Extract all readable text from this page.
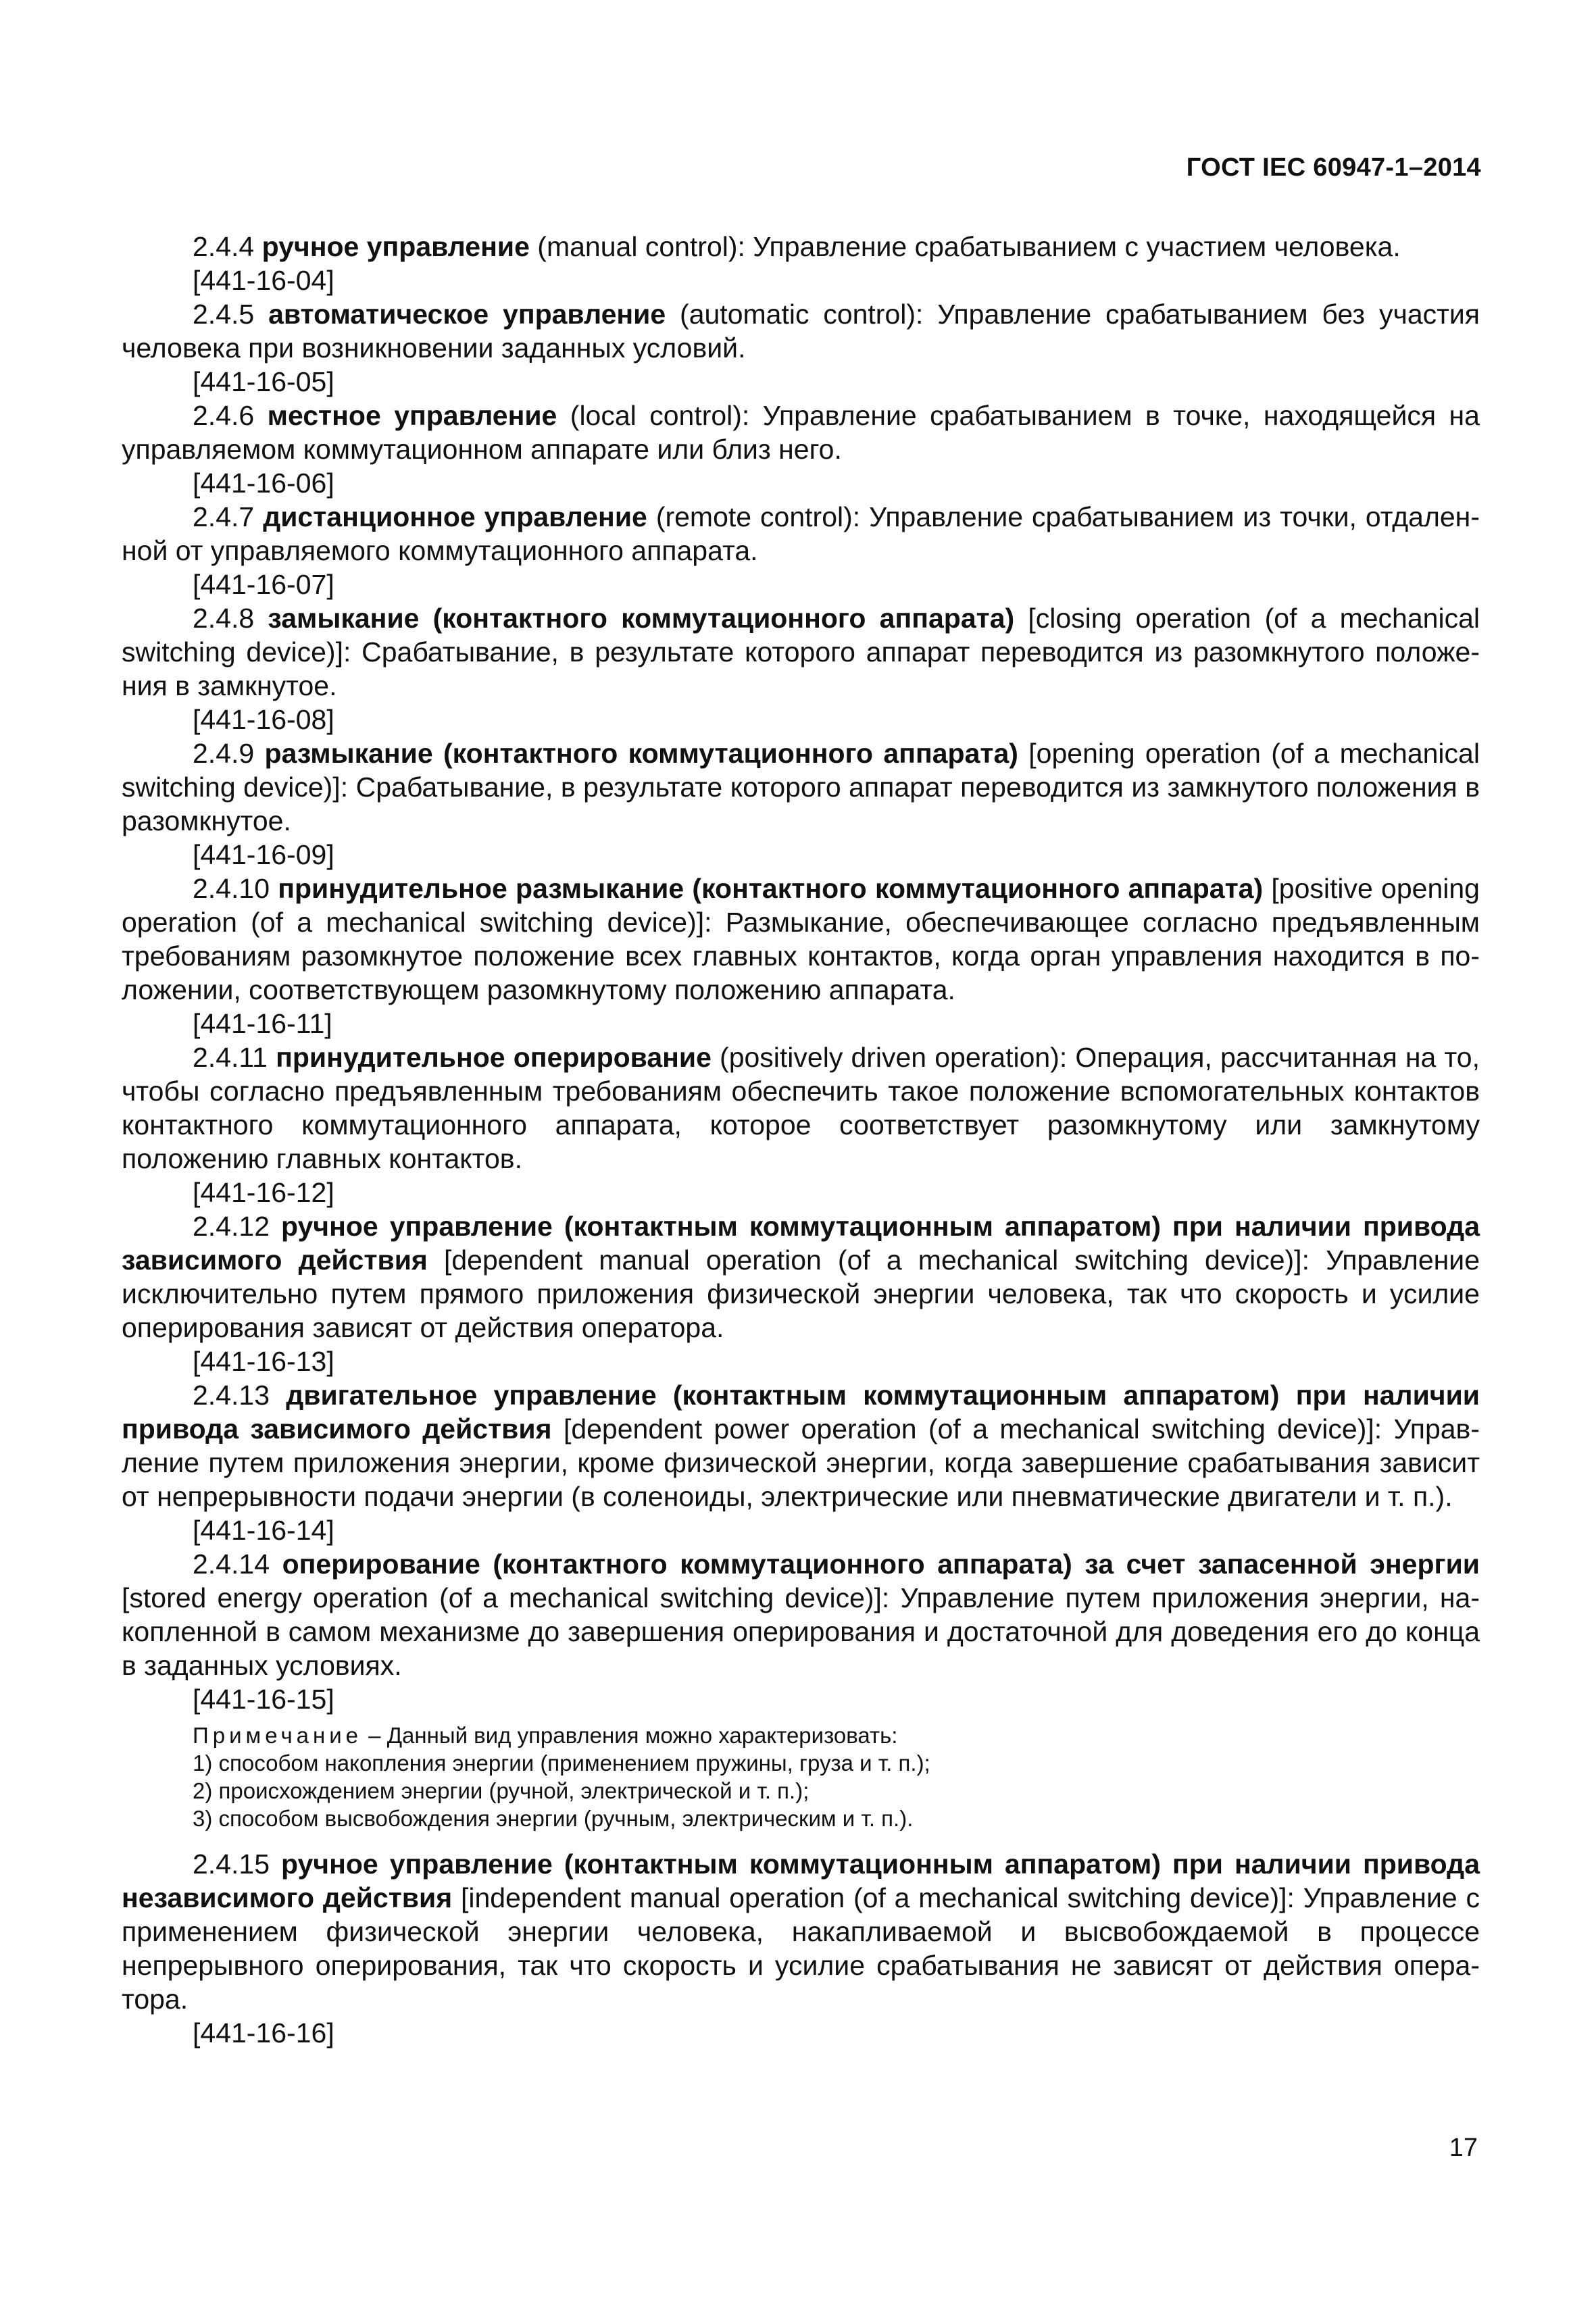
ГОСТ IEC 60947-1–2014

2.4.4 ручное управление (manual control): Управление срабатыванием с участием человека.

[441-16-04]

2.4.5 автоматическое управление (automatic control): Управление срабатыванием без участия человека при возникновении заданных условий.

[441-16-05]

2.4.6 местное управление (local control): Управление срабатыванием в точке, находящейся на управляемом коммутационном аппарате или близ него.

[441-16-06]

2.4.7 дистанционное управление (remote control): Управление срабатыванием из точки, отдаленной от управляемого коммутационного аппарата.

[441-16-07]

2.4.8 замыкание (контактного коммутационного аппарата) [closing operation (of a mechanical switching device)]: Срабатывание, в результате которого аппарат переводится из разомкнутого положения в замкнутое.

[441-16-08]

2.4.9 размыкание (контактного коммутационного аппарата) [opening operation (of a mechanical switching device)]: Срабатывание, в результате которого аппарат переводится из замкнутого положения в разомкнутое.

[441-16-09]

2.4.10 принудительное размыкание (контактного коммутационного аппарата) [positive opening operation (of a mechanical switching device)]: Размыкание, обеспечивающее согласно предъявленным требованиям разомкнутое положение всех главных контактов, когда орган управления находится в положении, соответствующем разомкнутому положению аппарата.

[441-16-11]

2.4.11 принудительное оперирование (positively driven operation): Операция, рассчитанная на то, чтобы согласно предъявленным требованиям обеспечить такое положение вспомогательных контактов контактного коммутационного аппарата, которое соответствует разомкнутому или замкнутому положению главных контактов.

[441-16-12]

2.4.12 ручное управление (контактным коммутационным аппаратом) при наличии привода зависимого действия [dependent manual operation (of a mechanical switching device)]: Управление исключительно путем прямого приложения физической энергии человека, так что скорость и усилие оперирования зависят от действия оператора.

[441-16-13]

2.4.13 двигательное управление (контактным коммутационным аппаратом) при наличии привода зависимого действия [dependent power operation (of a mechanical switching device)]: Управление путем приложения энергии, кроме физической энергии, когда завершение срабатывания зависит от непрерывности подачи энергии (в соленоиды, электрические или пневматические двигатели и т. п.).

[441-16-14]

2.4.14 оперирование (контактного коммутационного аппарата) за счет запасенной энергии [stored energy operation (of a mechanical switching device)]: Управление путем приложения энергии, накопленной в самом механизме до завершения оперирования и достаточной для доведения его до конца в заданных условиях.

[441-16-15]

Примечание – Данный вид управления можно характеризовать:

1) способом накопления энергии (применением пружины, груза и т. п.);

2) происхождением энергии (ручной, электрической и т. п.);

3) способом высвобождения энергии (ручным, электрическим и т. п.).

2.4.15 ручное управление (контактным коммутационным аппаратом) при наличии привода независимого действия [independent manual operation (of a mechanical switching device)]: Управление с применением физической энергии человека, накапливаемой и высвобождаемой в процессе непрерывного оперирования, так что скорость и усилие срабатывания не зависят от действия оператора.

[441-16-16]

17
